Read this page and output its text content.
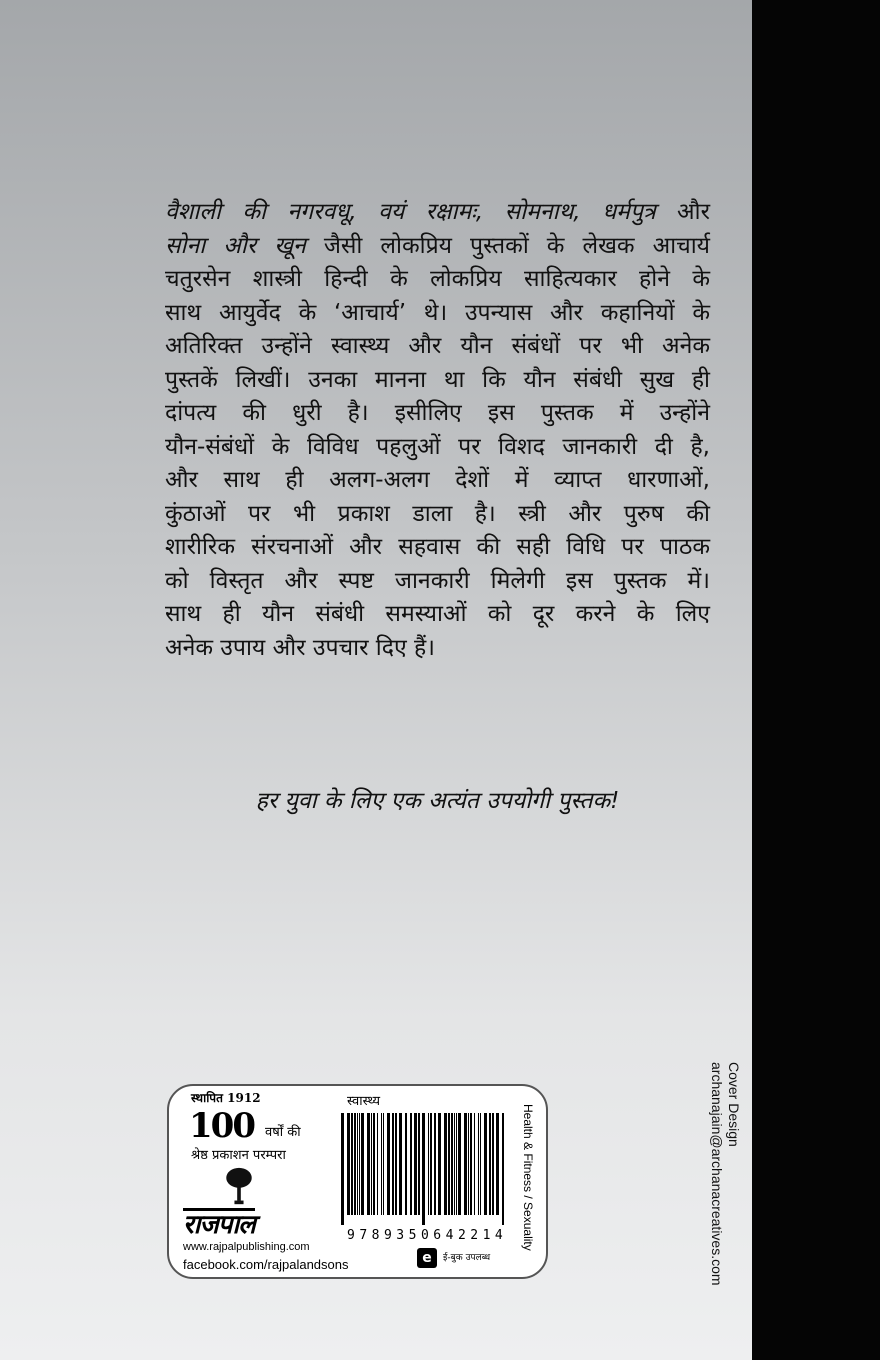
वैशाली की नगरवधू, वयं रक्षामः, सोमनाथ, धर्मपुत्र और
सोना और खून जैसी लोकप्रिय पुस्तकों के लेखक आचार्य
चतुरसेन शास्त्री हिन्दी के लोकप्रिय साहित्यकार होने के
साथ आयुर्वेद के ‘आचार्य’ थे। उपन्यास और कहानियों के
अतिरिक्त उन्होंने स्वास्थ्य और यौन संबंधों पर भी अनेक
पुस्तकें लिखीं। उनका मानना था कि यौन संबंधी सुख ही
दांपत्य की धुरी है। इसीलिए इस पुस्तक में उन्होंने
यौन-संबंधों के विविध पहलुओं पर विशद जानकारी दी है,
और साथ ही अलग-अलग देशों में व्याप्त धारणाओं,
कुंठाओं पर भी प्रकाश डाला है। स्त्री और पुरुष की
शारीरिक संरचनाओं और सहवास की सही विधि पर पाठक
को विस्तृत और स्पष्ट जानकारी मिलेगी इस पुस्तक में।
साथ ही यौन संबंधी समस्याओं को दूर करने के लिए
अनेक उपाय और उपचार दिए हैं।
हर युवा के लिए एक अत्यंत उपयोगी पुस्तक!
Cover Design
archanajain@archanacreatives.com
स्थापित 1912
100 वर्षों की
श्रेष्ठ प्रकाशन परम्परा
राजपाल
www.rajpalpublishing.com
facebook.com/rajpalandsons
स्वास्थ्य
9789350642214
e	ई-बुक उपलब्ध
Health & Fitness / Sexuality
